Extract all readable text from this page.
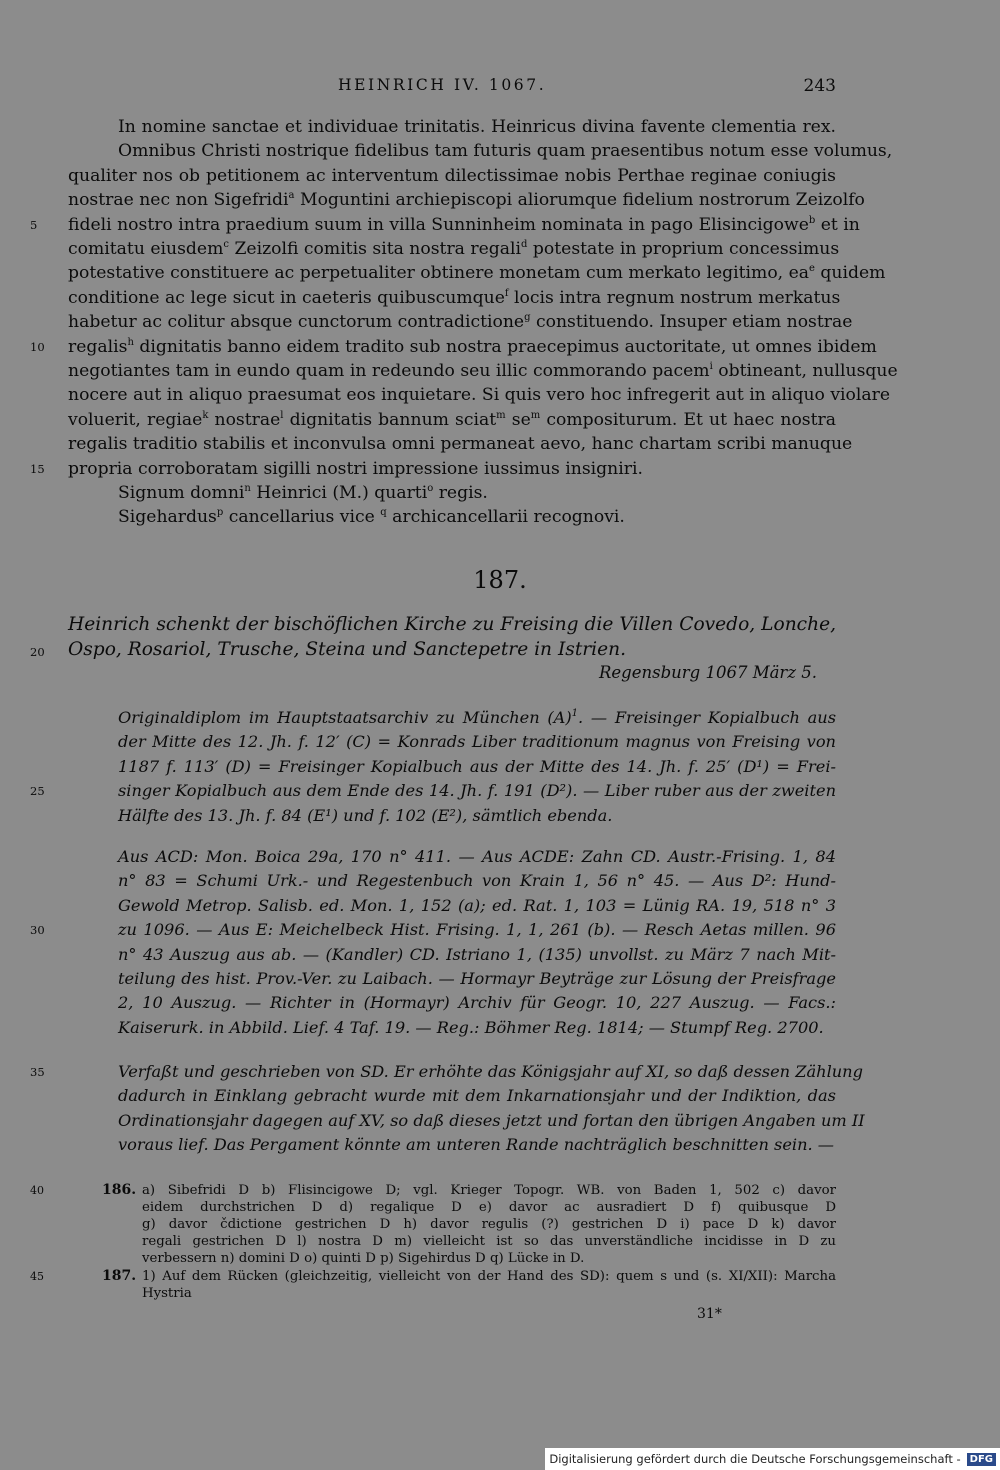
HEINRICH IV. 1067.	243
In nomine sanctae et individuae trinitatis. Heinricus divina favente clementia rex.
Omnibus Christi nostrique fidelibus tam futuris quam praesentibus notum esse volumus,
qualiter nos ob petitionem ac interventum dilectissimae nobis Perthae reginae coniugis
nostrae nec non Sigefridi$^a$ Moguntini archiepiscopi aliorumque fidelium nostrorum Zeizolfo
fideli nostro intra praedium suum in villa Sunninheim nominata in pago Elisincigowe$^b$ et in
comitatu eiusdem$^c$ Zeizolfi comitis sita nostra regali$^d$ potestate in proprium concessimus
potestative constituere ac perpetualiter obtinere monetam cum merkato legitimo, $ea^e$ quidem
conditione ac lege sicut in caeteris quibuscumque$^f$ locis intra regnum nostrum merkatus
habetur ac colitur absque cunctorum contradictione$^g$ constituendo. Insuper etiam nostrae
regalis$^h$ dignitatis banno eidem tradito sub nostra praecepimus auctoritate, ut omnes ibidem
negotiantes tam in eundo quam in redeundo seu illic commorando pacem$^i$ obtineant, nullusque
nocere aut in aliquo praesumat eos inquietare. Si quis vero hoc infregerit aut in aliquo violare
voluerit, regiae$^k$ nostrae$^l$ dignitatis bannum sciat$^m$ $se^m$ compositurum. Et ut haec nostra
regalis traditio stabilis et inconvulsa omni permaneat aevo, hanc chartam scribi manuque
propria corroboratam sigilli nostri impressione iussimus insigniri.
5
10
15
Signum domni$^n$ Heinrici (M.) quarti$^o$ regis.
Sigehardus$^p$ cancellarius vice $^q$ archicancellarii recognovi.
20
187.
Heinrich schenkt der bischöflichen Kirche zu Freising die Villen Covedo, Lonche,
Ospo, Rosariol, Trusche, Steina und Sanctepetre in Istrien.
Regensburg 1067 März 5.
Originaldiplom im Hauptstaatsarchiv zu München $(A)^1$. — Freisinger Kopialbuch aus
der Mitte des 12. Jh. f. 12′ (C) = Konrads Liber traditionum magnus von Freising von
1187 f. 113′ (D) = Freisinger Kopialbuch aus der Mitte des 14. Jh. f. 25′ (D¹) = Frei-
singer Kopialbuch aus dem Ende des 14. Jh. f. 191 (D²). — Liber ruber aus der zweiten
Hälfte des 13. Jh. f. 84 (E¹) und f. 102 (E²), sämtlich ebenda.
Aus ACD: Mon. Boica 29a, 170 n° 411. — Aus ACDE: Zahn CD. Austr.-Frising. 1, 84
n° 83 = Schumi Urk.- und Regestenbuch von Krain 1, 56 n° 45. — Aus D²: Hund-
Gewold Metrop. Salisb. ed. Mon. 1, 152 (a); ed. Rat. 1, 103 = Lünig RA. 19, 518 n° 3
zu 1096. — Aus E: Meichelbeck Hist. Frising. 1, 1, 261 (b). — Resch Aetas millen. 96
n° 43 Auszug aus ab. — (Kandler) CD. Istriano 1, (135) unvollst. zu März 7 nach Mit-
teilung des hist. Prov.-Ver. zu Laibach. — Hormayr Beyträge zur Lösung der Preisfrage
2, 10 Auszug. — Richter in (Hormayr) Archiv für Geogr. 10, 227 Auszug. — Facs.:
Kaiserurk. in Abbild. Lief. 4 Taf. 19. — Reg.: Böhmer Reg. 1814; — Stumpf Reg. 2700.
Verfaßt und geschrieben von SD. Er erhöhte das Königsjahr auf XI, so daß dessen Zählung
dadurch in Einklang gebracht wurde mit dem Inkarnationsjahr und der Indiktion, das
Ordinationsjahr dagegen auf XV, so daß dieses jetzt und fortan den übrigen Angaben um II
voraus lief. Das Pergament könnte am unteren Rande nachträglich beschnitten sein. —
25
30
35
186. a) Sibefridi D b) Flisincigowe D; vgl. Krieger Topogr. WB. von Baden 1, 502 c) davor
eidem durchstrichen D d) regalique D e) davor ac ausradiert D f) quibusque D
g) davor čdictione gestrichen D h) davor regulis (?) gestrichen D i) pace D k) davor
regali gestrichen D l) nostra D m) vielleicht ist so das unverständliche incidisse in D zu
verbessern n) domini D o) quinti D p) Sigehirdus D q) Lücke in D.
40
187. 1) Auf dem Rücken (gleichzeitig, vielleicht von der Hand des SD): quem s und (s. XI/XII): Marcha
Hystria
45
31*
Digitalisierung gefördert durch die Deutsche Forschungsgemeinschaft - DFG
